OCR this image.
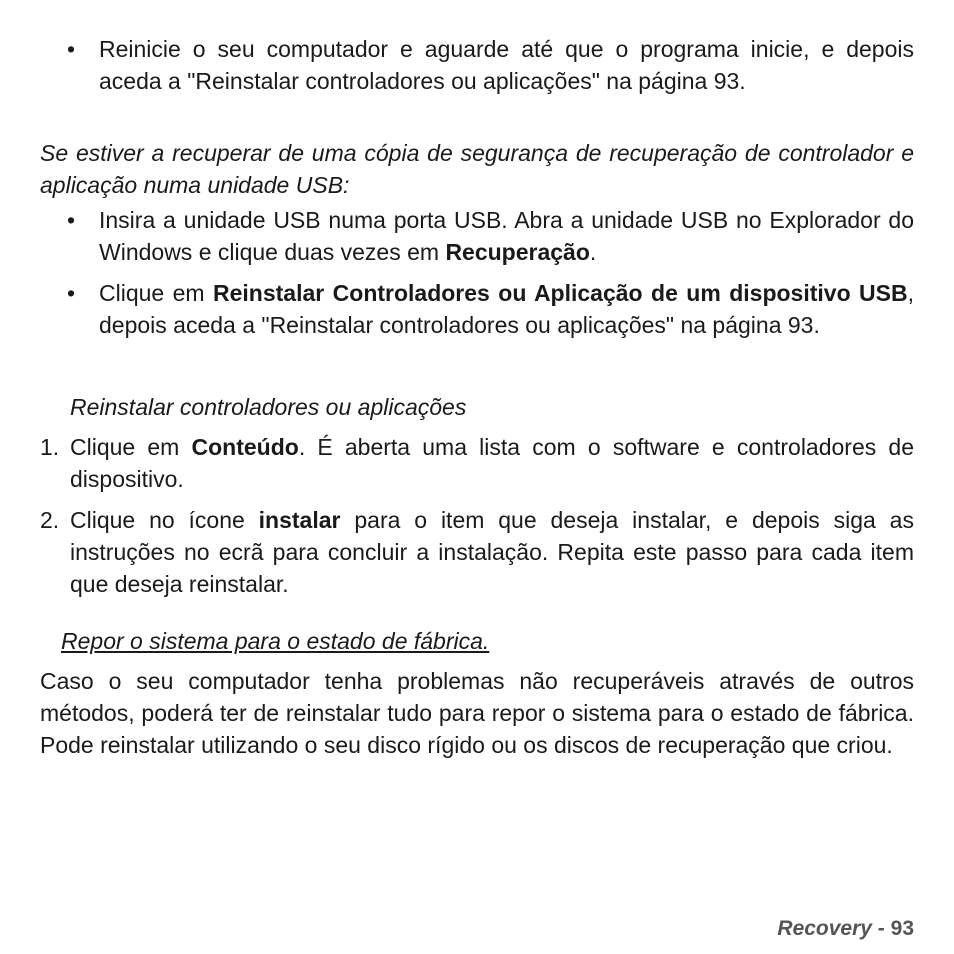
•	Reinicie o seu computador e aguarde até que o programa inicie, e depois aceda a "Reinstalar controladores ou aplicações" na página 93.
Se estiver a recuperar de uma cópia de segurança de recuperação de controlador e aplicação numa unidade USB:
•	Insira a unidade USB numa porta USB. Abra a unidade USB no Explorador do Windows e clique duas vezes em Recuperação.
•	Clique em Reinstalar Controladores ou Aplicação de um dispositivo USB, depois aceda a "Reinstalar controladores ou aplicações" na página 93.
Reinstalar controladores ou aplicações
1. Clique em Conteúdo. É aberta uma lista com o software e controladores de dispositivo.
2. Clique no ícone instalar para o item que deseja instalar, e depois siga as instruções no ecrã para concluir a instalação. Repita este passo para cada item que deseja reinstalar.
Repor o sistema para o estado de fábrica.
Caso o seu computador tenha problemas não recuperáveis através de outros métodos, poderá ter de reinstalar tudo para repor o sistema para o estado de fábrica. Pode reinstalar utilizando o seu disco rígido ou os discos de recuperação que criou.
Recovery - 93
